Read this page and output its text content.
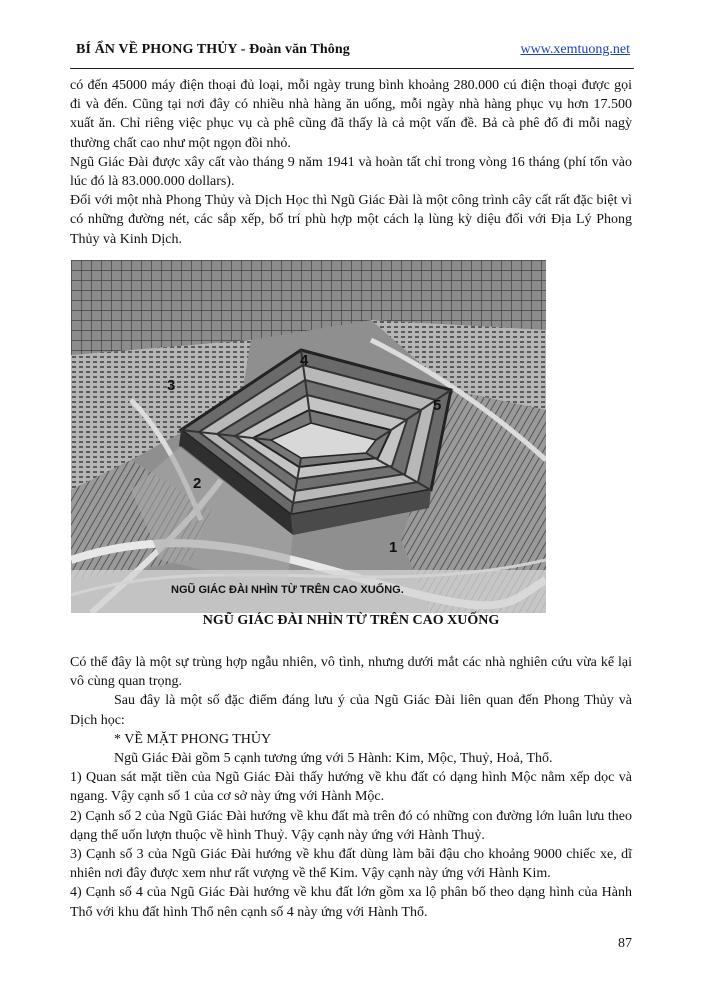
BÍ ẨN VỀ PHONG THỦY - Đoàn văn Thông	www.xemtuong.net

có đến 45000 máy điện thoại đủ loại, mỗi ngày trung bình khoảng 280.000 cú điện thoại được gọi đi và đến. Cũng tại nơi đây có nhiều nhà hàng ăn uống, mỗi ngày nhà hàng phục vụ hơn 17.500 xuất ăn. Chỉ riêng việc phục vụ cà phê cũng đã thấy là cả một vấn đề. Bả cà phê đổ đi mỗi nagỳ thường chất cao như một ngọn đồi nhỏ.

Ngũ Giác Đài được xây cất vào tháng 9 năm 1941 và hoàn tất chỉ trong vòng 16 tháng (phí tổn vào lúc đó là 83.000.000 dollars).

Đối với một nhà Phong Thủy và Dịch Học thì Ngũ Giác Đài là một công trình cây cất rất đặc biệt vì có những đường nét, các sắp xếp, bố trí phù hợp một cách lạ lùng kỳ diệu đối với Địa Lý Phong Thủy và Kinh Dịch.

4
3
2
5
1
NGŨ GIÁC ĐÀI NHÌN TỪ TRÊN CAO XUỐNG.
NGŨ GIÁC ĐÀI NHÌN TỪ TRÊN CAO XUỐNG

Có thể đây là một sự trùng hợp ngẫu nhiên, vô tình, nhưng dưới mắt các nhà nghiên cứu vừa kể lại vô cùng quan trọng.

Sau đây là một số đặc điểm đáng lưu ý của Ngũ Giác Đài liên quan đến Phong Thủy và Dịch học:

* VỀ MẶT PHONG THỦY

Ngũ Giác Đài gồm 5 cạnh tương ứng với 5 Hành: Kim, Mộc, Thuỷ, Hoả, Thổ.

1) Quan sát mặt tiền của Ngũ Giác Đài thấy hướng về khu đất có dạng hình Mộc nằm xếp dọc và ngang. Vậy cạnh số 1 của cơ sở này ứng với Hành Mộc.

2) Cạnh số 2 của Ngũ Giác Đài hướng về khu đất mà trên đó có những con đường lớn luân lưu theo dạng thể uốn lượn thuộc về hình Thuỷ. Vậy cạnh này ứng với Hành Thuỷ.

3) Cạnh số 3 của Ngũ Giác Đài hướng về khu đất dùng làm bãi đậu cho khoảng 9000 chiếc xe, dĩ nhiên nơi đây được xem như rất vượng về thể Kim. Vậy cạnh này ứng với Hành Kim.

4) Cạnh số 4 của Ngũ Giác Đài hướng về khu đất lớn gồm xa lộ phân bố theo dạng hình của Hành Thổ với khu đất hình Thổ nên cạnh số 4 này ứng với Hành Thổ.

87
